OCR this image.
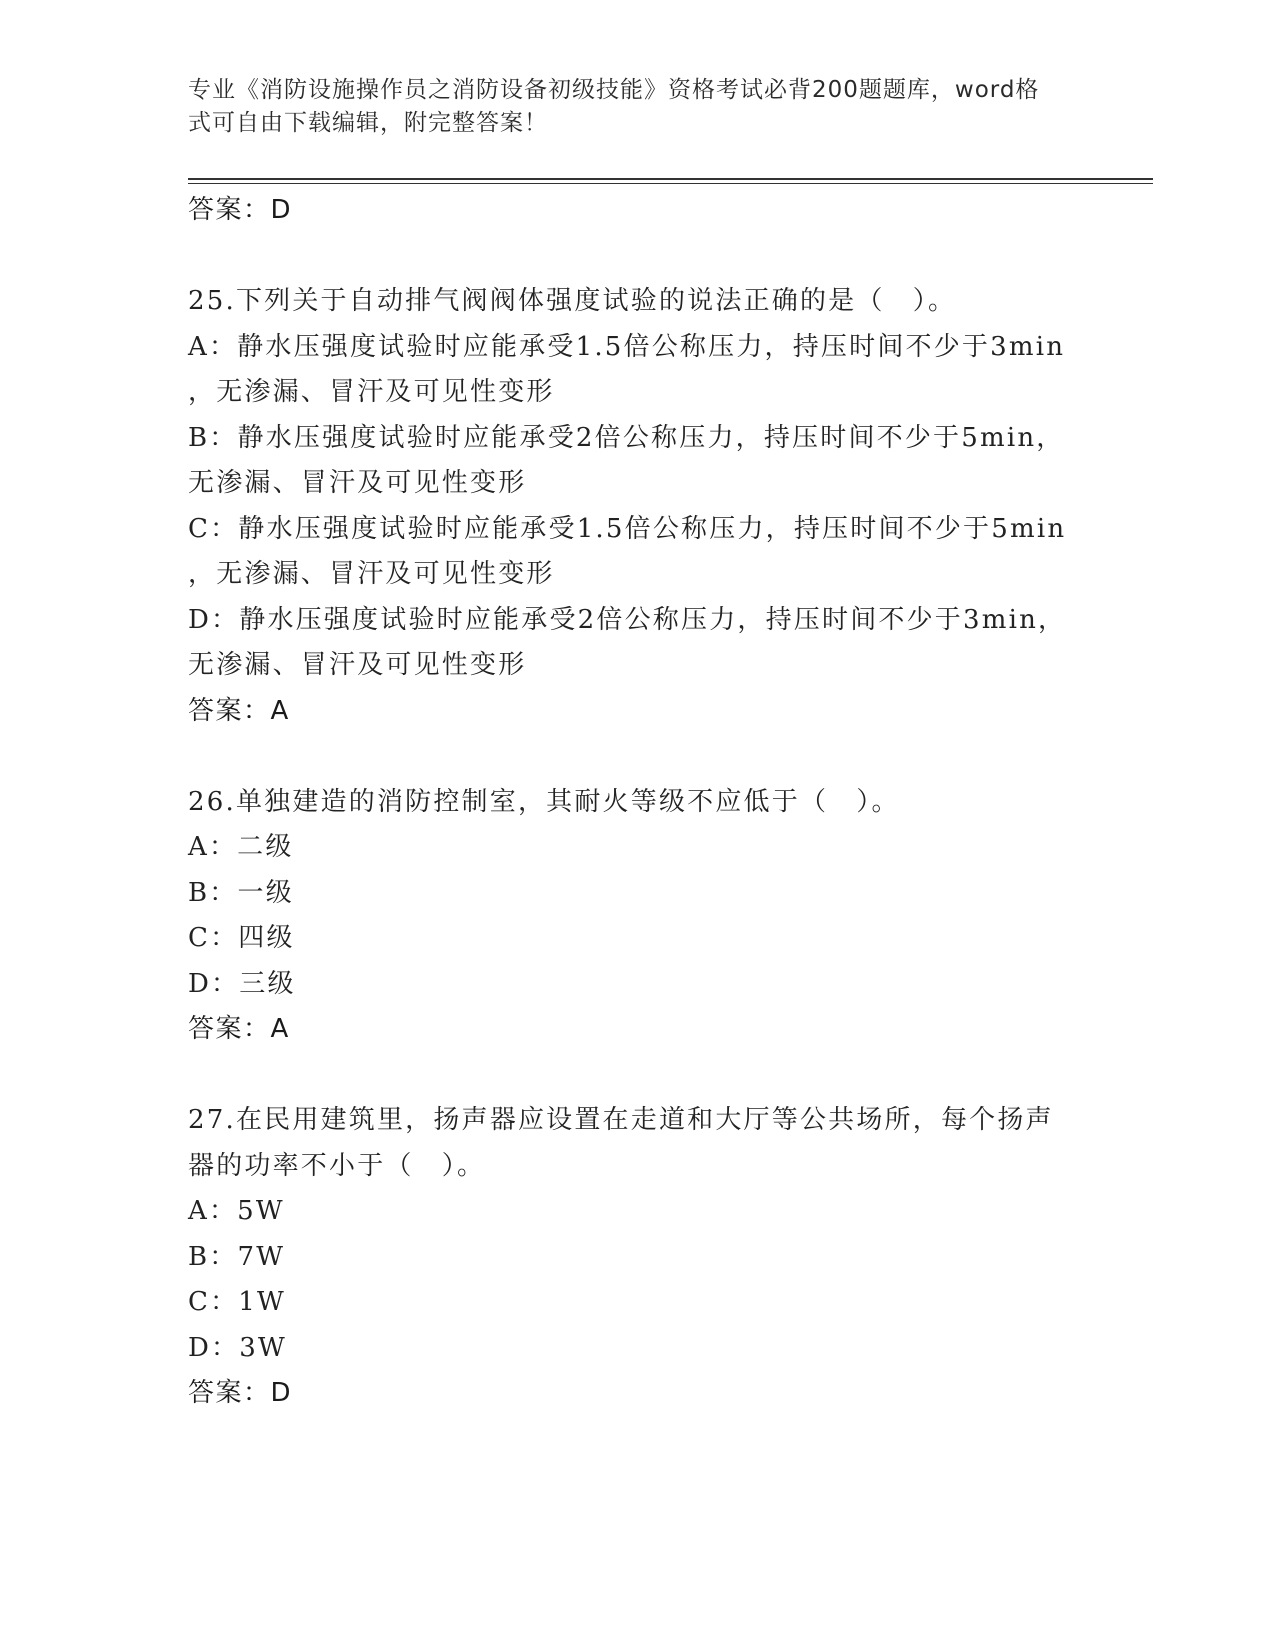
专业《消防设施操作员之消防设备初级技能》资格考试必背200题题库，word格
式可自由下载编辑，附完整答案！
答案：D
25.下列关于自动排气阀阀体强度试验的说法正确的是（　）。
A：静水压强度试验时应能承受1.5倍公称压力，持压时间不少于3min
，无渗漏、冒汗及可见性变形
B：静水压强度试验时应能承受2倍公称压力，持压时间不少于5min，
无渗漏、冒汗及可见性变形
C：静水压强度试验时应能承受1.5倍公称压力，持压时间不少于5min
，无渗漏、冒汗及可见性变形
D：静水压强度试验时应能承受2倍公称压力，持压时间不少于3min，
无渗漏、冒汗及可见性变形
答案：A
26.单独建造的消防控制室，其耐火等级不应低于（　）。
A：二级
B：一级
C：四级
D：三级
答案：A
27.在民用建筑里，扬声器应设置在走道和大厅等公共场所，每个扬声
器的功率不小于（　）。
A：5W
B：7W
C：1W
D：3W
答案：D
